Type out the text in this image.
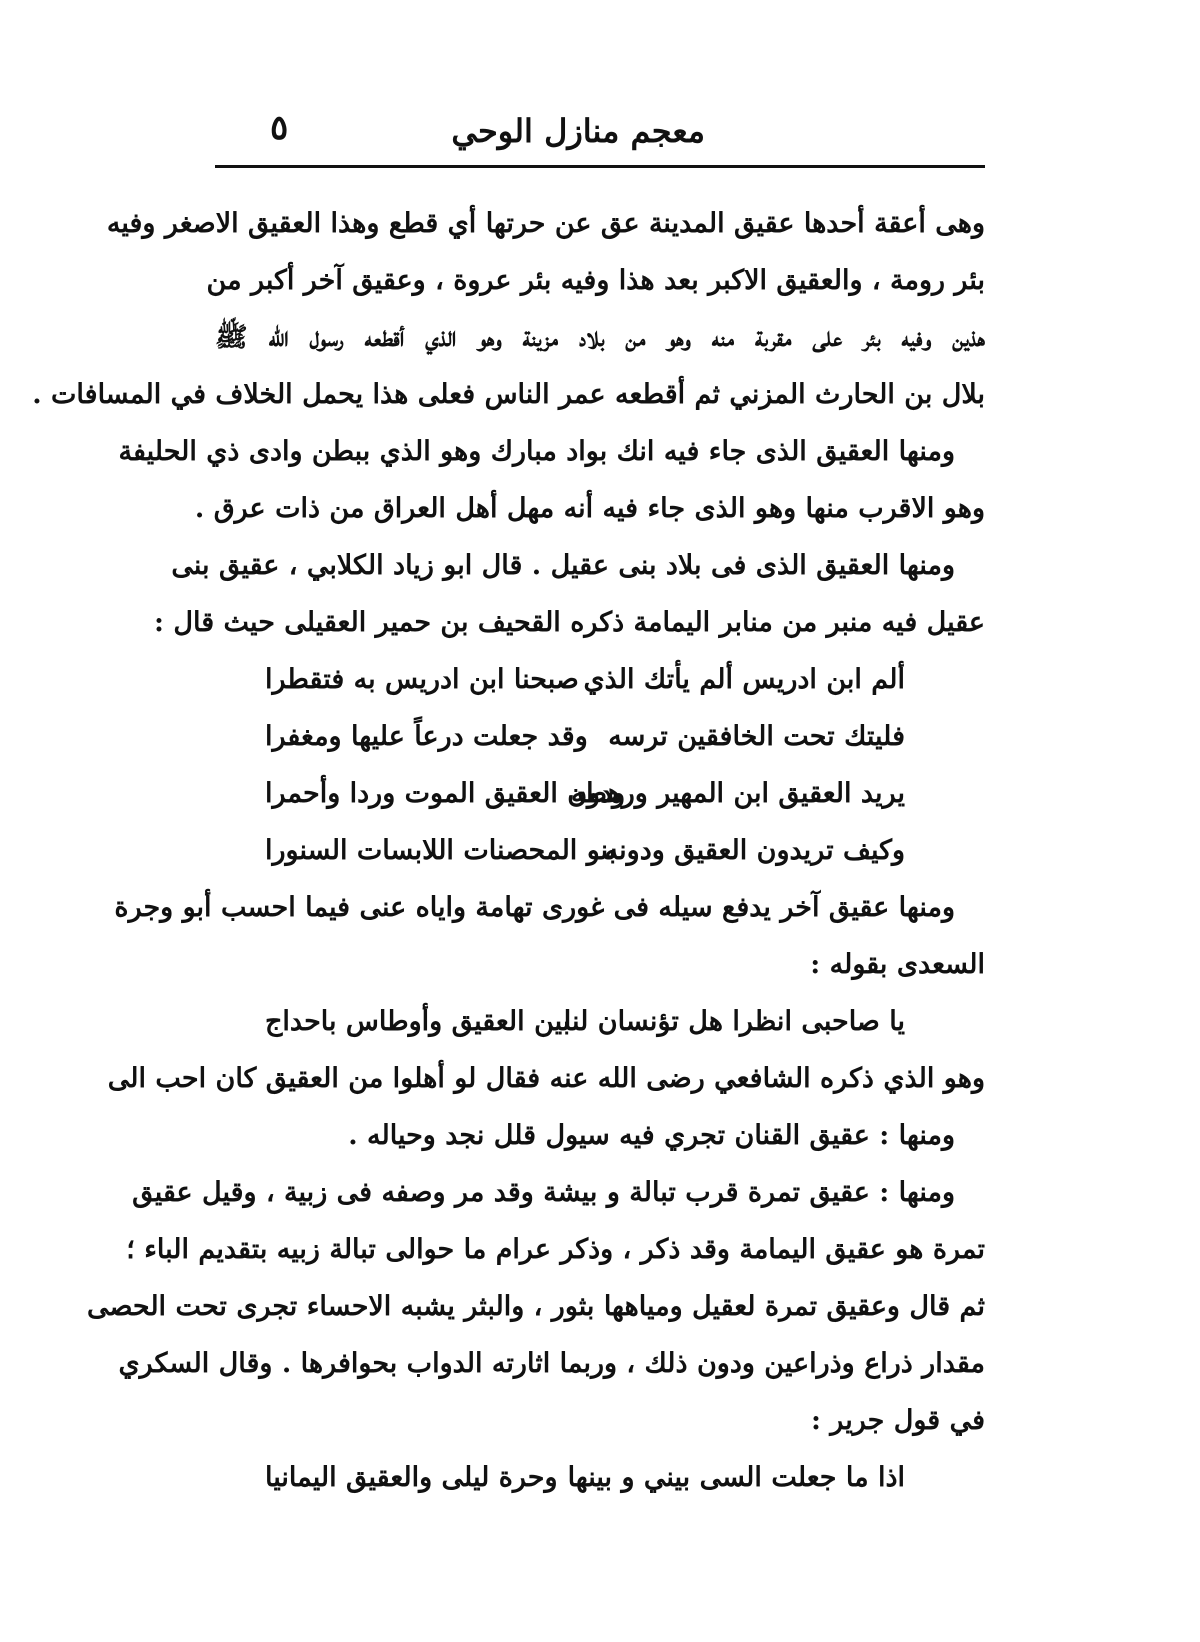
معجم منازل الوحي
٥
وهى أعقة أحدها عقيق المدينة عق عن حرتها أي قطع وهذا العقيق الاصغر وفيه
بئر رومة ، والعقيق الاكبر بعد هذا وفيه بئر عروة ، وعقيق آخر أكبر من
هذين وفيه بئر على مقربة منه وهو من بلاد مزينة وهو الذي أقطعه رسول الله ﷺ
بلال بن الحارث المزني ثم أقطعه عمر الناس فعلى هذا يحمل الخلاف في المسافات .
ومنها العقيق الذى جاء فيه انك بواد مبارك وهو الذي ببطن وادى ذي الحليفة
وهو الاقرب منها وهو الذى جاء فيه أنه مهل أهل العراق من ذات عرق .
ومنها العقيق الذى فى بلاد بنى عقيل . قال ابو زياد الكلابي ، عقيق بنى
عقيل فيه منبر من منابر اليمامة ذكره القحيف بن حمير العقيلى حيث قال :
ألم ابن ادريس ألم يأتك الذي
صبحنا ابن ادريس به فتقطرا
فليتك تحت الخافقين ترسه
وقد جعلت درعاً عليها ومغفرا
يريد العقيق ابن المهير ورهطه
ودون العقيق الموت وردا وأحمرا
وكيف تريدون العقيق ودونه
بنو المحصنات اللابسات السنورا
ومنها عقيق آخر يدفع سيله فى غورى تهامة واياه عنى فيما احسب أبو وجرة
السعدى بقوله :
يا صاحبى انظرا هل تؤنسان لنا
بين العقيق وأوطاس باحداج
وهو الذي ذكره الشافعي رضى الله عنه فقال لو أهلوا من العقيق كان احب الى
ومنها : عقيق القنان تجري فيه سيول قلل نجد وحياله .
ومنها : عقيق تمرة قرب تبالة و بيشة وقد مر وصفه فى زبية ، وقيل عقيق
تمرة هو عقيق اليمامة وقد ذكر ، وذكر عرام ما حوالى تبالة زبيه بتقديم الباء ؛
ثم قال وعقيق تمرة لعقيل ومياهها بثور ، والبثر يشبه الاحساء تجرى تحت الحصى
مقدار ذراع وذراعين ودون ذلك ، وربما اثارته الدواب بحوافرها . وقال السكري
في قول جرير :
اذا ما جعلت السى بيني و بينها
وحرة ليلى والعقيق اليمانيا
